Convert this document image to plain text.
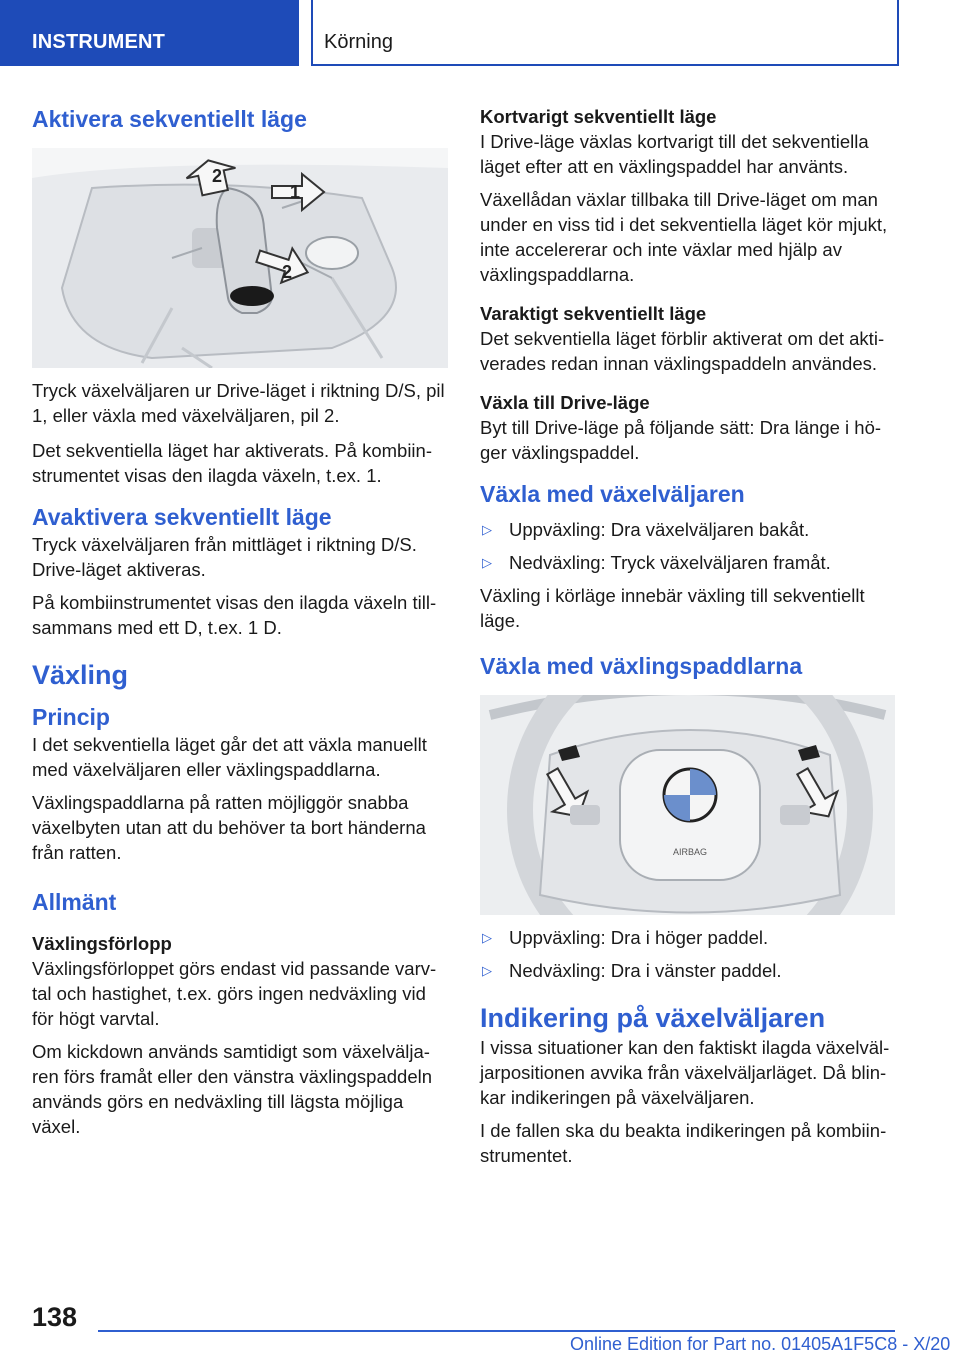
INSTRUMENT	Körning
Aktivera sekventiellt läge
2
1
2

Tryck växelväljaren ur Drive-läget i riktning D/S, pil 1, eller växla med växelväljaren, pil 2.

Det sekventiella läget har aktiverats. På kombiinstrumentet visas den ilagda växeln, t.ex. 1.

Avaktivera sekventiellt läge

Tryck växelväljaren från mittläget i riktning D/S. Drive-läget aktiveras.

På kombiinstrumentet visas den ilagda växeln tillsammans med ett D, t.ex. 1 D.

Växling
Princip

I det sekventiella läget går det att växla manuellt med växelväljaren eller växlingspaddlarna.

Växlingspaddlarna på ratten möjliggör snabba växelbyten utan att du behöver ta bort händerna från ratten.

Allmänt
Växlingsförlopp

Växlingsförloppet görs endast vid passande varvtal och hastighet, t.ex. görs ingen nedväxling vid för högt varvtal.

Om kickdown används samtidigt som växelväljaren förs framåt eller den vänstra växlingspaddeln används görs en nedväxling till lägsta möjliga växel.

Kortvarigt sekventiellt läge

I Drive-läge växlas kortvarigt till det sekventiella läget efter att en växlingspaddel har använts.

Växellådan växlar tillbaka till Drive-läget om man under en viss tid i det sekventiella läget kör mjukt, inte accelererar och inte växlar med hjälp av växlingspaddlarna.

Varaktigt sekventiellt läge

Det sekventiella läget förblir aktiverat om det aktiverades redan innan växlingspaddeln användes.

Växla till Drive-läge

Byt till Drive-läge på följande sätt: Dra länge i höger växlingspaddel.

Växla med växelväljaren
▷ Uppväxling: Dra växelväljaren bakåt.
▷ Nedväxling: Tryck växelväljaren framåt.

Växling i körläge innebär växling till sekventiellt läge.

Växla med växlingspaddlarna
AIRBAG
▷ Uppväxling: Dra i höger paddel.
▷ Nedväxling: Dra i vänster paddel.
Indikering på växelväljaren

I vissa situationer kan den faktiskt ilagda växelväljarpositionen avvika från växelväljarläget. Då blinkar indikeringen på växelväljaren.

I de fallen ska du beakta indikeringen på kombiinstrumentet.

138
Online Edition for Part no. 01405A1F5C8 - X/20
